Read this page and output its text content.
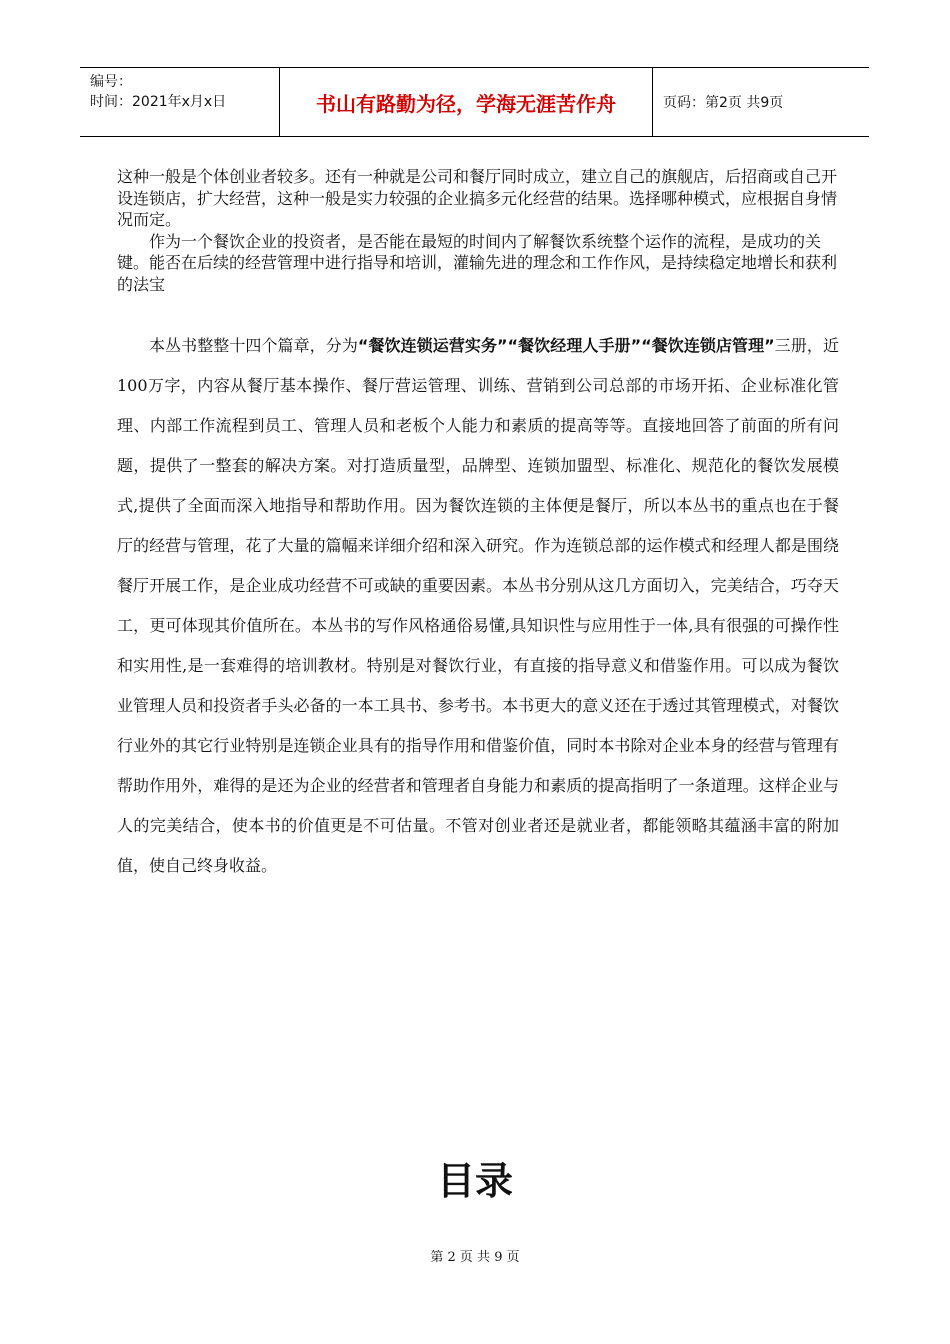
编号：
时间：2021年x月x日	书山有路勤为径，学海无涯苦作舟	页码：第2页 共9页
这种一般是个体创业者较多。还有一种就是公司和餐厅同时成立，建立自己的旗舰店，后招商或自己开设连锁店，扩大经营，这种一般是实力较强的企业搞多元化经营的结果。选择哪种模式，应根据自身情况而定。
作为一个餐饮企业的投资者，是否能在最短的时间内了解餐饮系统整个运作的流程，是成功的关键。能否在后续的经营管理中进行指导和培训，灌输先进的理念和工作作风，是持续稳定地增长和获利的法宝

本丛书整整十四个篇章，分为“餐饮连锁运营实务”“餐饮经理人手册”“餐饮连锁店管理”三册，近100万字，内容从餐厅基本操作、餐厅营运管理、训练、营销到公司总部的市场开拓、企业标准化管理、内部工作流程到员工、管理人员和老板个人能力和素质的提高等等。直接地回答了前面的所有问题，提供了一整套的解决方案。对打造质量型，品牌型、连锁加盟型、标准化、规范化的餐饮发展模式,提供了全面而深入地指导和帮助作用。因为餐饮连锁的主体便是餐厅，所以本丛书的重点也在于餐厅的经营与管理，花了大量的篇幅来详细介绍和深入研究。作为连锁总部的运作模式和经理人都是围绕餐厅开展工作，是企业成功经营不可或缺的重要因素。本丛书分别从这几方面切入，完美结合，巧夺天工，更可体现其价值所在。本丛书的写作风格通俗易懂,具知识性与应用性于一体,具有很强的可操作性和实用性,是一套难得的培训教材。特别是对餐饮行业，有直接的指导意义和借鉴作用。可以成为餐饮业管理人员和投资者手头必备的一本工具书、参考书。本书更大的意义还在于透过其管理模式，对餐饮行业外的其它行业特别是连锁企业具有的指导作用和借鉴价值，同时本书除对企业本身的经营与管理有帮助作用外，难得的是还为企业的经营者和管理者自身能力和素质的提高指明了一条道理。这样企业与人的完美结合，使本书的价值更是不可估量。不管对创业者还是就业者，都能领略其蕴涵丰富的附加值，使自己终身收益。

目录
第 2 页 共 9 页
